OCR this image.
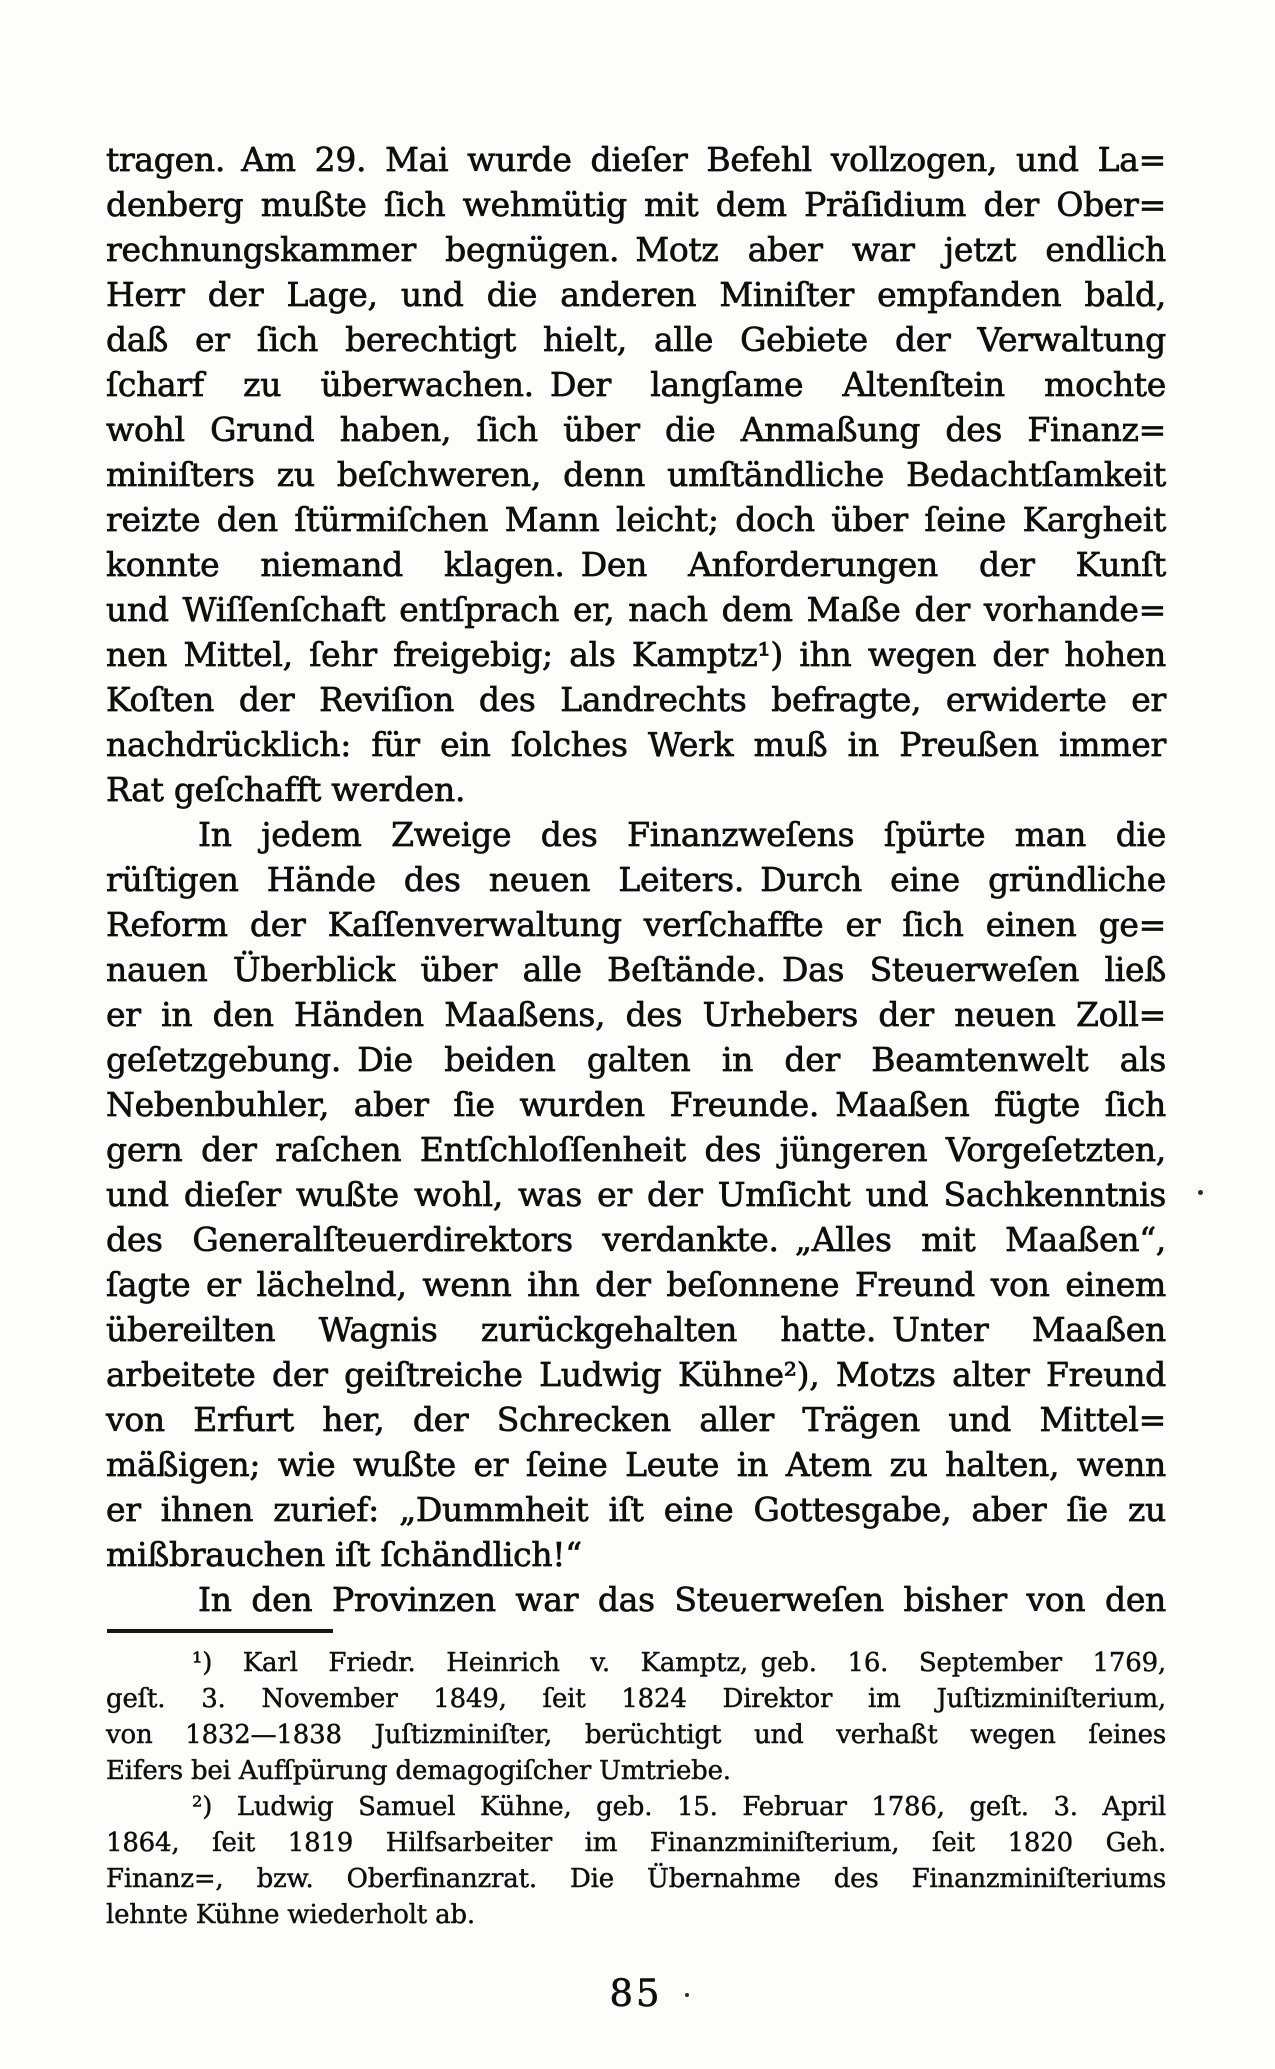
tragen. Am 29. Mai wurde dieſer Befehl vollzogen, und La=
denberg mußte ſich wehmütig mit dem Präſidium der Ober=
rechnungskammer begnügen. Motz aber war jetzt endlich
Herr der Lage, und die anderen Miniſter empfanden bald,
daß er ſich berechtigt hielt, alle Gebiete der Verwaltung
ſcharf zu überwachen. Der langſame Altenſtein mochte
wohl Grund haben, ſich über die Anmaßung des Finanz=
miniſters zu beſchweren, denn umſtändliche Bedachtſamkeit
reizte den ſtürmiſchen Mann leicht; doch über ſeine Kargheit
konnte niemand klagen. Den Anforderungen der Kunſt
und Wiſſenſchaft entſprach er, nach dem Maße der vorhande=
nen Mittel, ſehr freigebig; als Kamptz¹) ihn wegen der hohen
Koſten der Reviſion des Landrechts befragte, erwiderte er
nachdrücklich: für ein ſolches Werk muß in Preußen immer
Rat geſchafft werden.
In jedem Zweige des Finanzweſens ſpürte man die
rüſtigen Hände des neuen Leiters. Durch eine gründliche
Reform der Kaſſenverwaltung verſchaffte er ſich einen ge=
nauen Überblick über alle Beſtände. Das Steuerweſen ließ
er in den Händen Maaßens, des Urhebers der neuen Zoll=
geſetzgebung. Die beiden galten in der Beamtenwelt als
Nebenbuhler, aber ſie wurden Freunde. Maaßen fügte ſich
gern der raſchen Entſchloſſenheit des jüngeren Vorgeſetzten,
und dieſer wußte wohl, was er der Umſicht und Sachkenntnis
des Generalſteuerdirektors verdankte. „Alles mit Maaßen“,
ſagte er lächelnd, wenn ihn der beſonnene Freund von einem
übereilten Wagnis zurückgehalten hatte. Unter Maaßen
arbeitete der geiſtreiche Ludwig Kühne²), Motzs alter Freund
von Erfurt her, der Schrecken aller Trägen und Mittel=
mäßigen; wie wußte er ſeine Leute in Atem zu halten, wenn
er ihnen zurief: „Dummheit iſt eine Gottesgabe, aber ſie zu
mißbrauchen iſt ſchändlich!“
In den Provinzen war das Steuerweſen bisher von den
¹) Karl Friedr. Heinrich v. Kamptz, geb. 16. September 1769,
geſt. 3. November 1849, ſeit 1824 Direktor im Juſtizminiſterium,
von 1832—1838 Juſtizminiſter, berüchtigt und verhaßt wegen ſeines
Eifers bei Aufſpürung demagogiſcher Umtriebe.
²) Ludwig Samuel Kühne, geb. 15. Februar 1786, geſt. 3. April
1864, ſeit 1819 Hilfsarbeiter im Finanzminiſterium, ſeit 1820 Geh.
Finanz=, bzw. Oberfinanzrat. Die Übernahme des Finanzminiſteriums
lehnte Kühne wiederholt ab.
85
